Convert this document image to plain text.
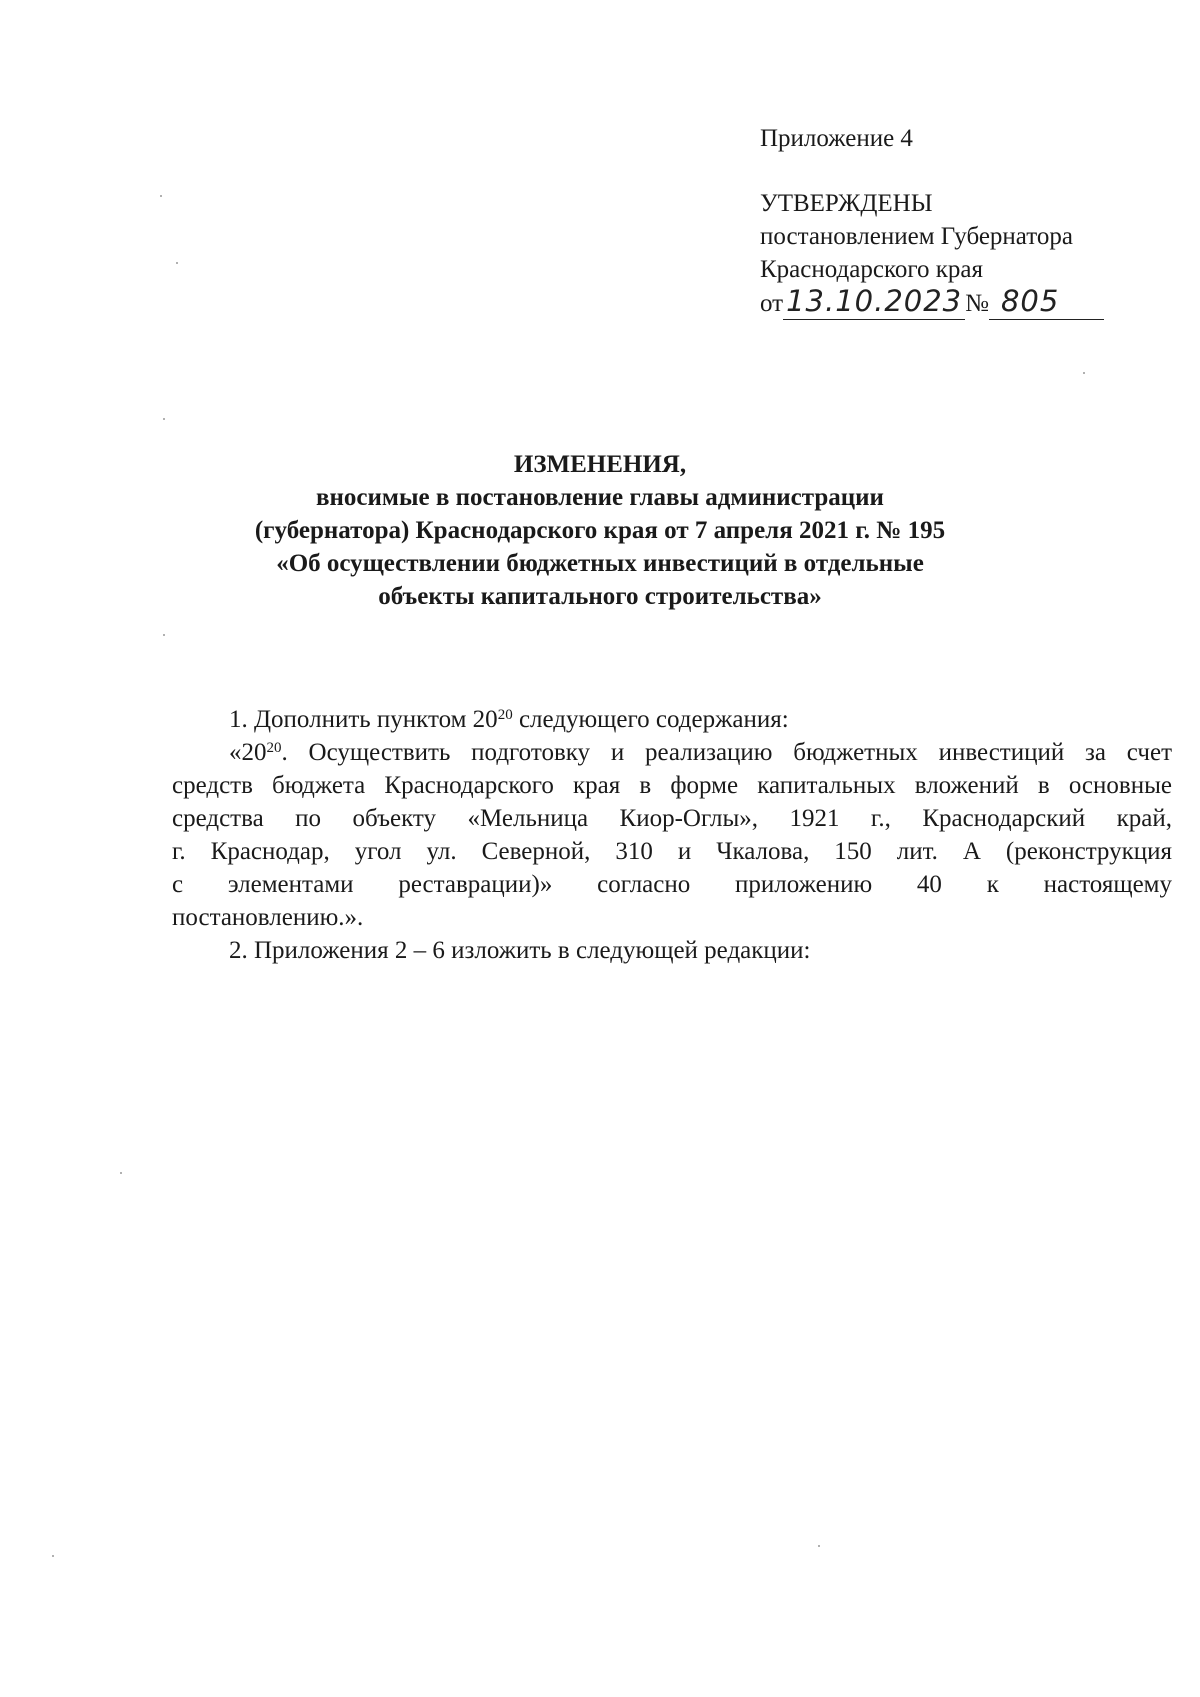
Приложение 4
УТВЕРЖДЕНЫ
постановлением Губернатора
Краснодарского края
от 13.10.2023 № 805
ИЗМЕНЕНИЯ,
вносимые в постановление главы администрации
(губернатора) Краснодарского края от 7 апреля 2021 г. № 195
«Об осуществлении бюджетных инвестиций в отдельные
объекты капитального строительства»
1. Дополнить пунктом $20^{20}$ следующего содержания:
«$20^{20}$. Осуществить подготовку и реализацию бюджетных инвестиций за счет
средств бюджета Краснодарского края в форме капитальных вложений в основные
средства по объекту «Мельница Киор-Оглы», 1921 г., Краснодарский край,
г. Краснодар, угол ул. Северной, 310 и Чкалова, 150 лит. А (реконструкция
с элементами реставрации)» согласно приложению 40 к настоящему
постановлению.».
2. Приложения 2 – 6 изложить в следующей редакции:
